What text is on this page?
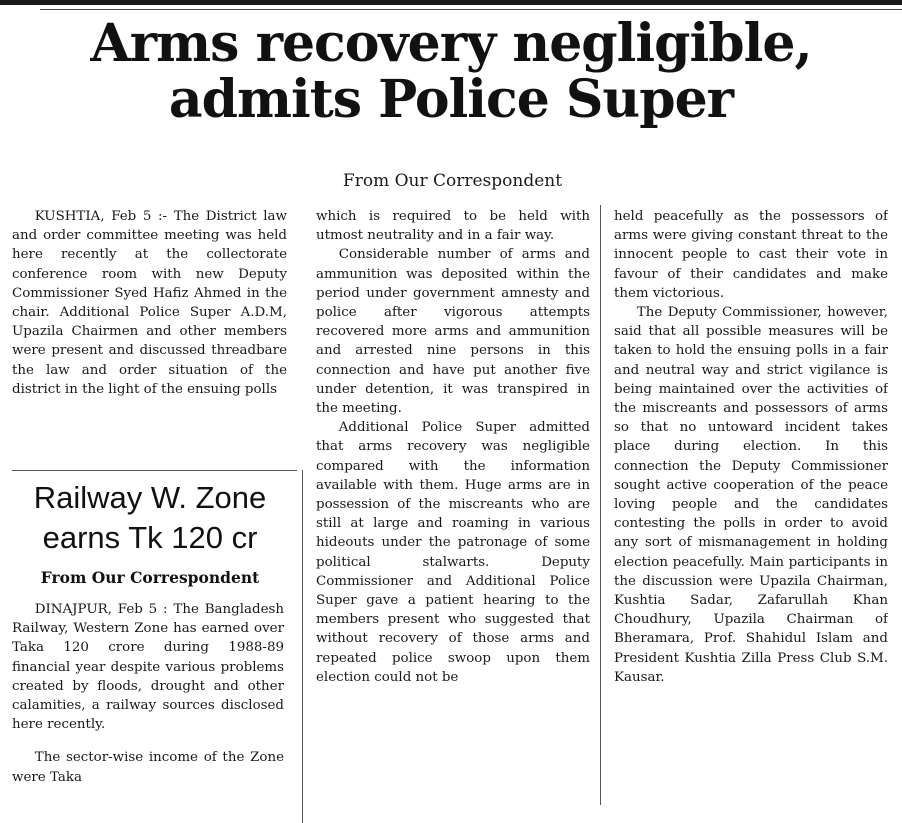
Arms recovery negligible,
admits Police Super
From Our Correspondent

KUSHTIA, Feb 5 :- The District law and order committee meeting was held here recently at the collectorate conference room with new Deputy Commissioner Syed Hafiz Ahmed in the chair. Additional Police Super A.D.M, Upazila Chairmen and other members were present and discussed threadbare the law and order situation of the district in the light of the ensuing polls

Railway W. Zone
earns Tk 120 cr
From Our Correspondent

DINAJPUR, Feb 5 : The Bangladesh Railway, Western Zone has earned over Taka 120 crore during 1988-89 financial year despite various problems created by floods, drought and other calamities, a railway sources disclosed here recently.

The sector-wise income of the Zone were Taka

which is required to be held with utmost neutrality and in a fair way.

Considerable number of arms and ammunition was deposited within the period under government amnesty and police after vigorous attempts recovered more arms and ammunition and arrested nine persons in this connection and have put another five under detention, it was transpired in the meeting.

Additional Police Super admitted that arms recovery was negligible compared with the information available with them. Huge arms are in possession of the miscreants who are still at large and roaming in various hideouts under the patronage of some political stalwarts. Deputy Commissioner and Additional Police Super gave a patient hearing to the members present who suggested that without recovery of those arms and repeated police swoop upon them election could not be

held peacefully as the possessors of arms were giving constant threat to the innocent people to cast their vote in favour of their candidates and make them victorious.

The Deputy Commissioner, however, said that all possible measures will be taken to hold the ensuing polls in a fair and neutral way and strict vigilance is being maintained over the activities of the miscreants and possessors of arms so that no untoward incident takes place during election. In this connection the Deputy Commissioner sought active cooperation of the peace loving people and the candidates contesting the polls in order to avoid any sort of mismanagement in holding election peacefully. Main participants in the discussion were Upazila Chairman, Kushtia Sadar, Zafarullah Khan Choudhury, Upazila Chairman of Bheramara, Prof. Shahidul Islam and President Kushtia Zilla Press Club S.M. Kausar.
